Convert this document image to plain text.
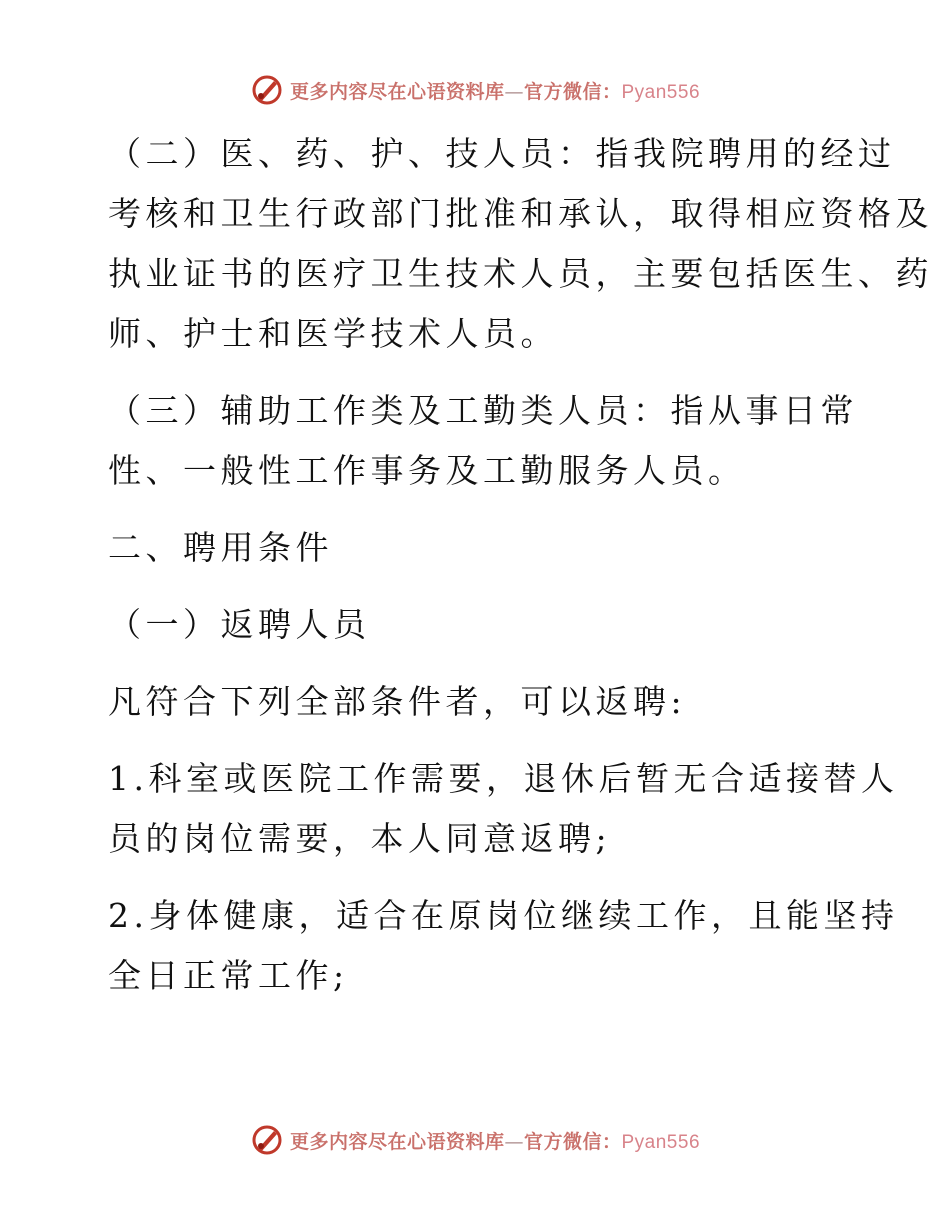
更多内容尽在心语资料库—官方微信：Pyan556

（二）医、药、护、技人员：指我院聘用的经过
考核和卫生行政部门批准和承认，取得相应资格及
执业证书的医疗卫生技术人员，主要包括医生、药
师、护士和医学技术人员。

（三）辅助工作类及工勤类人员：指从事日常
性、一般性工作事务及工勤服务人员。

二、聘用条件

（一）返聘人员

凡符合下列全部条件者，可以返聘:

1.科室或医院工作需要，退休后暂无合适接替人
员的岗位需要，本人同意返聘;

2.身体健康，适合在原岗位继续工作，且能坚持
全日正常工作;

更多内容尽在心语资料库—官方微信：Pyan556
